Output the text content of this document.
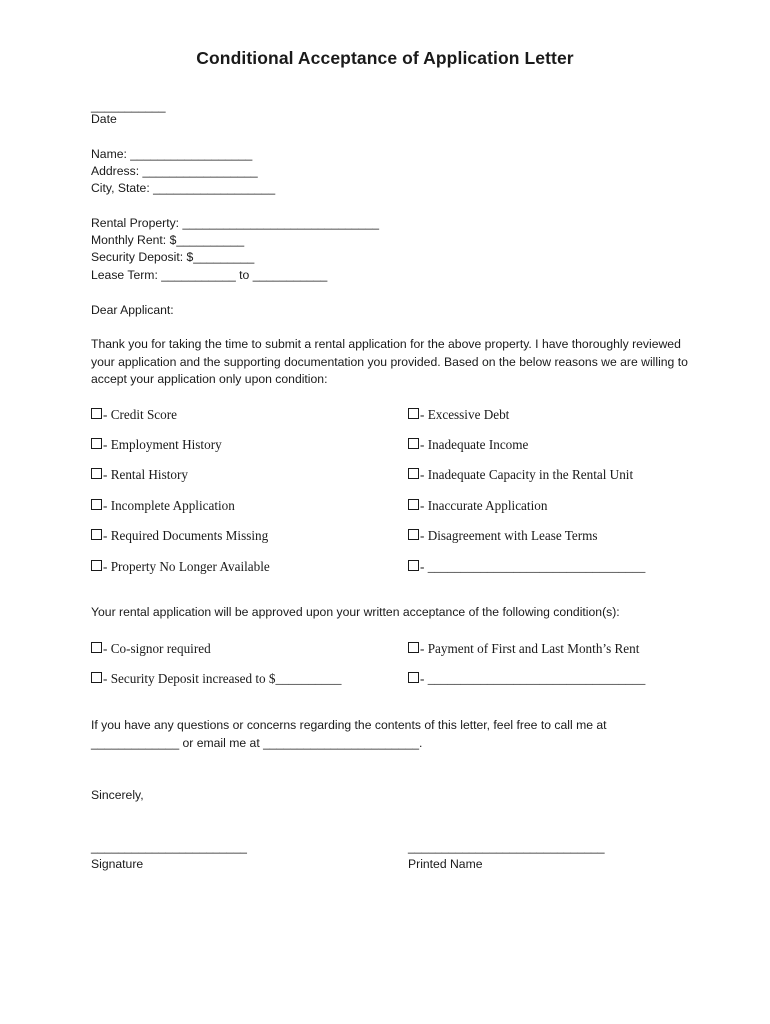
Conditional Acceptance of Application Letter
___________
Date
Name: __________________
Address: _________________
City, State: __________________
Rental Property: _____________________________
Monthly Rent: $__________
Security Deposit: $_________
Lease Term: ___________ to ___________
Dear Applicant:
Thank you for taking the time to submit a rental application for the above property. I have thoroughly reviewed your application and the supporting documentation you provided. Based on the below reasons we are willing to accept your application only upon condition:
- Credit Score	- Excessive Debt
- Employment History	- Inadequate Income
- Rental History	- Inadequate Capacity in the Rental Unit
- Incomplete Application	- Inaccurate Application
- Required Documents Missing	- Disagreement with Lease Terms
- Property No Longer Available	- _________________________________
Your rental application will be approved upon your written acceptance of the following condition(s):
- Co-signor required	- Payment of First and Last Month’s Rent
- Security Deposit increased to $__________	- _________________________________
If you have any questions or concerns regarding the contents of this letter, feel free to call me at _____________ or email me at _______________________.
Sincerely,
_______________________
Signature
_____________________________
Printed Name
